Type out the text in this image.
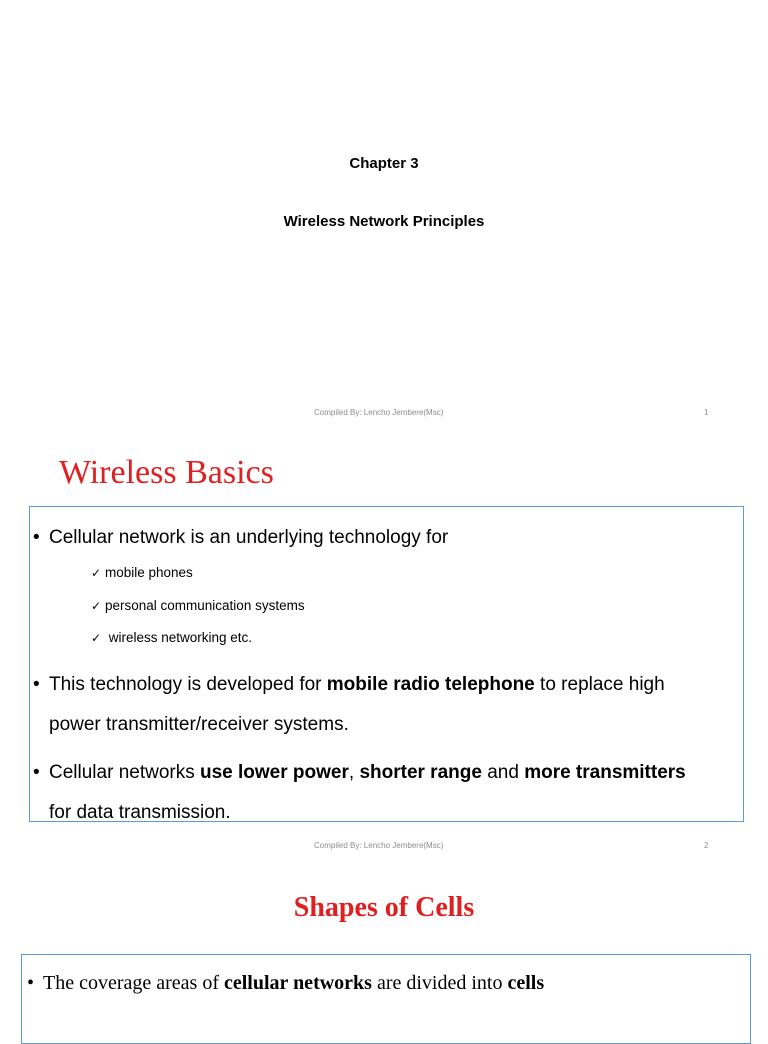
Chapter 3
Wireless Network Principles
Compiled By: Lencho Jembere(Msc)	1
Wireless Basics
• Cellular network is an underlying technology for
✓ mobile phones
✓ personal communication systems
✓ wireless networking etc.
• This technology is developed for mobile radio telephone to replace high
power transmitter/receiver systems.
• Cellular networks use lower power, shorter range and more transmitters
for data transmission.
Compiled By: Lencho Jembere(Msc)	2
Shapes of Cells
• The coverage areas of cellular networks are divided into cells
